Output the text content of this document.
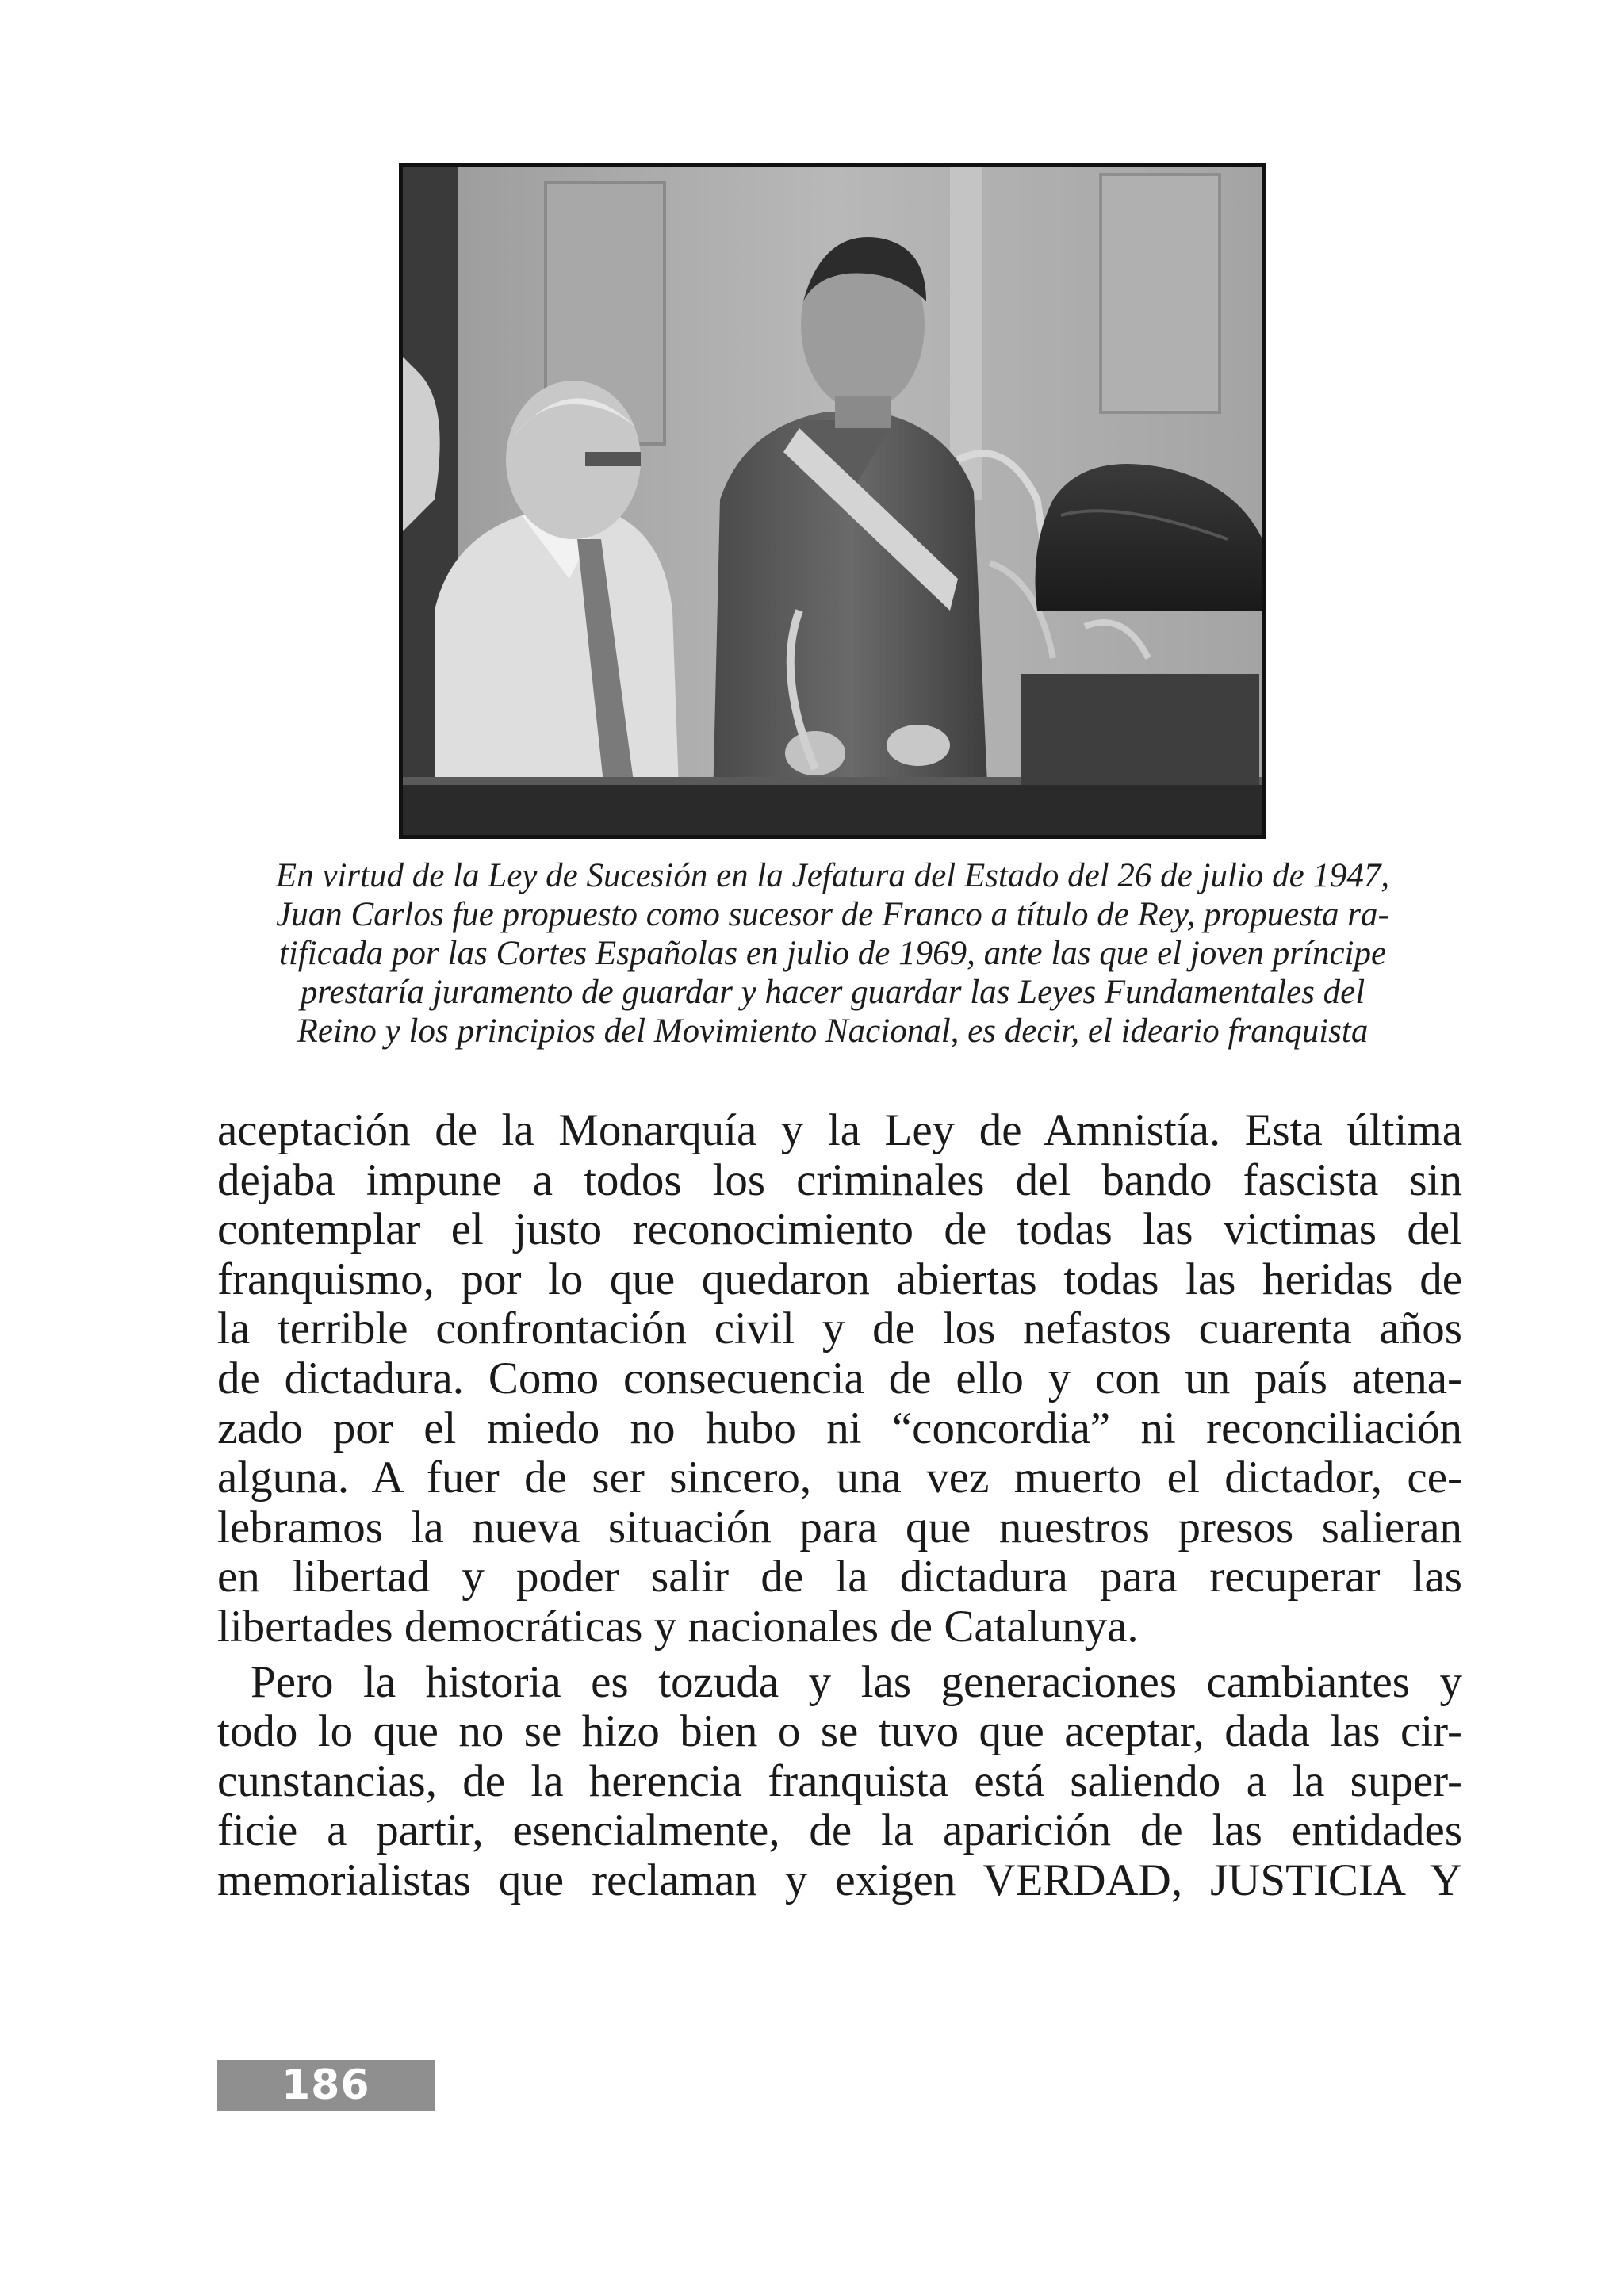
En virtud de la Ley de Sucesión en la Jefatura del Estado del 26 de julio de 1947,
Juan Carlos fue propuesto como sucesor de Franco a título de Rey, propuesta ra-
tificada por las Cortes Españolas en julio de 1969, ante las que el joven príncipe
prestaría juramento de guardar y hacer guardar las Leyes Fundamentales del
Reino y los principios del Movimiento Nacional, es decir, el ideario franquista
aceptación de la Monarquía y la Ley de Amnistía. Esta última
dejaba impune a todos los criminales del bando fascista sin
contemplar el justo reconocimiento de todas las victimas del
franquismo, por lo que quedaron abiertas todas las heridas de
la terrible confrontación civil y de los nefastos cuarenta años
de dictadura. Como consecuencia de ello y con un país atena-
zado por el miedo no hubo ni “concordia” ni reconciliación
alguna. A fuer de ser sincero, una vez muerto el dictador, ce-
lebramos la nueva situación para que nuestros presos salieran
en libertad y poder salir de la dictadura para recuperar las
libertades democráticas y nacionales de Catalunya.
Pero la historia es tozuda y las generaciones cambiantes y
todo lo que no se hizo bien o se tuvo que aceptar, dada las cir-
cunstancias, de la herencia franquista está saliendo a la super-
ficie a partir, esencialmente, de la aparición de las entidades
memorialistas que reclaman y exigen VERDAD, JUSTICIA Y
186
